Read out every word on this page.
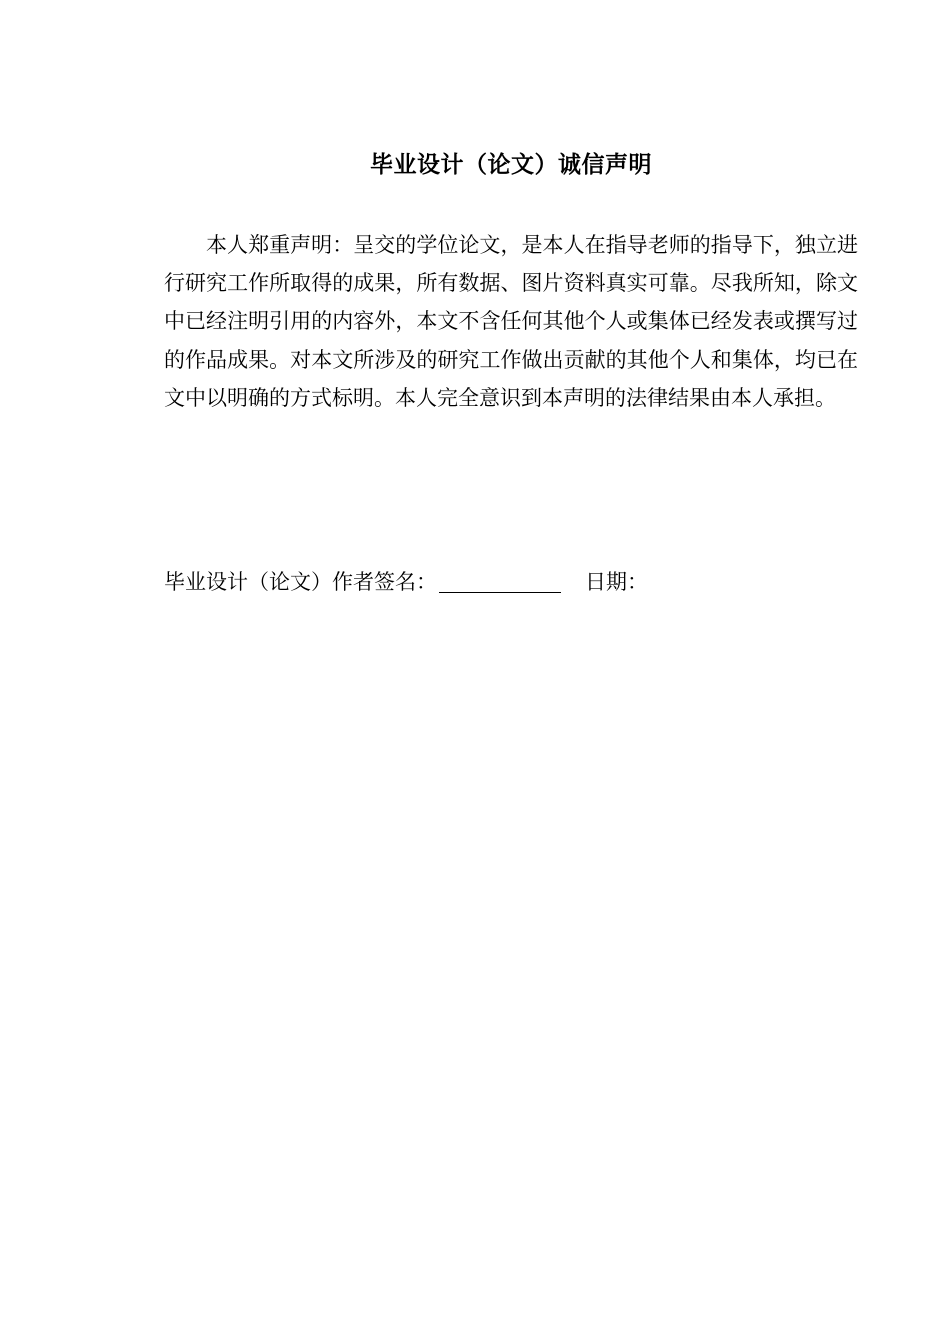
毕业设计（论文）诚信声明

本人郑重声明：呈交的学位论文，是本人在指导老师的指导下，独立进行研究工作所取得的成果，所有数据、图片资料真实可靠。尽我所知，除文中已经注明引用的内容外，本文不含任何其他个人或集体已经发表或撰写过的作品成果。对本文所涉及的研究工作做出贡献的其他个人和集体，均已在文中以明确的方式标明。本人完全意识到本声明的法律结果由本人承担。

毕业设计（论文）作者签名：	日期：
